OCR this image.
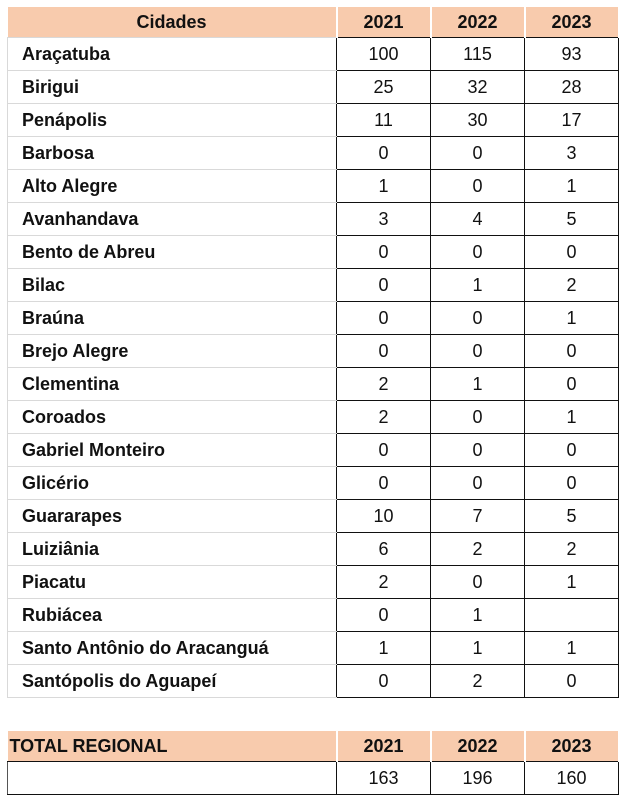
Cidades	2021	2022	2023
Araçatuba	100	115	93
Birigui	25	32	28
Penápolis	11	30	17
Barbosa	0	0	3
Alto Alegre	1	0	1
Avanhandava	3	4	5
Bento de Abreu	0	0	0
Bilac	0	1	2
Braúna	0	0	1
Brejo Alegre	0	0	0
Clementina	2	1	0
Coroados	2	0	1
Gabriel Monteiro	0	0	0
Glicério	0	0	0
Guararapes	10	7	5
Luiziânia	6	2	2
Piacatu	2	0	1
Rubiácea	0	1	
Santo Antônio do Aracanguá	1	1	1
Santópolis do Aguapeí	0	2	0
TOTAL REGIONAL	2021	2022	2023
	163	196	160
